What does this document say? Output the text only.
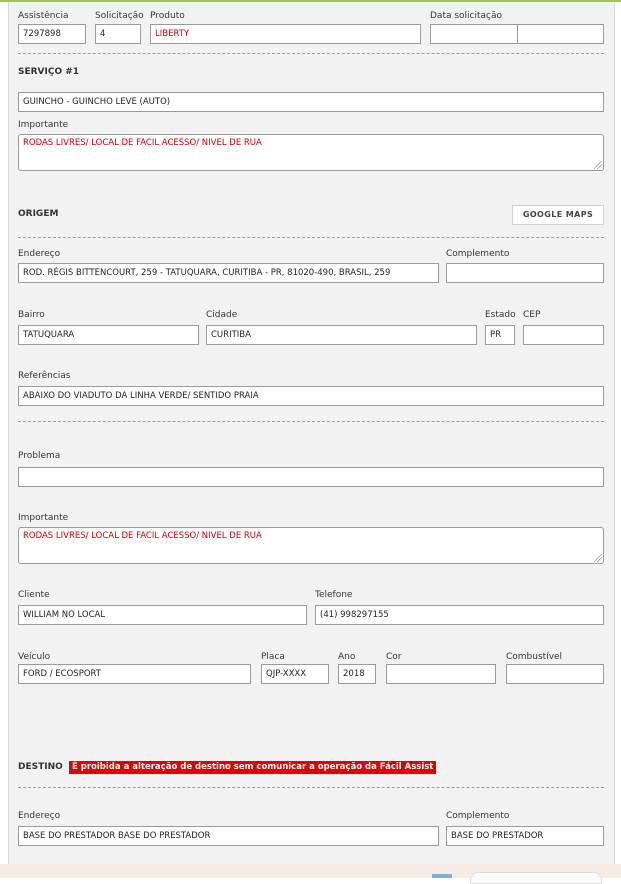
Assistência
7297898
Solicitação
4
Produto
LIBERTY
Data solicitação
SERVIÇO #1
GUINCHO - GUINCHO LEVE (AUTO)
Importante
RODAS LIVRES/ LOCAL DE FACIL ACESSO/ NIVEL DE RUA
ORIGEM	GOOGLE MAPS
Endereço
ROD. RÉGIS BITTENCOURT, 259 - TATUQUARA, CURITIBA - PR, 81020-490, BRASIL, 259
Complemento
Bairro
TATUQUARA
Cidade
CURITIBA
Estado
PR
CEP
Referências
ABAIXO DO VIADUTO DA LINHA VERDE/ SENTIDO PRAIA
Problema
Importante
RODAS LIVRES/ LOCAL DE FACIL ACESSO/ NIVEL DE RUA
Cliente
WILLIAM NO LOCAL
Telefone
(41) 998297155
Veículo
FORD / ECOSPORT
Placa
QJP-XXXX
Ano
2018
Cor	Combustível
DESTINO	É proibida a alteração de destino sem comunicar a operação da Fácil Assist
Endereço
BASE DO PRESTADOR BASE DO PRESTADOR
Complemento
BASE DO PRESTADOR
